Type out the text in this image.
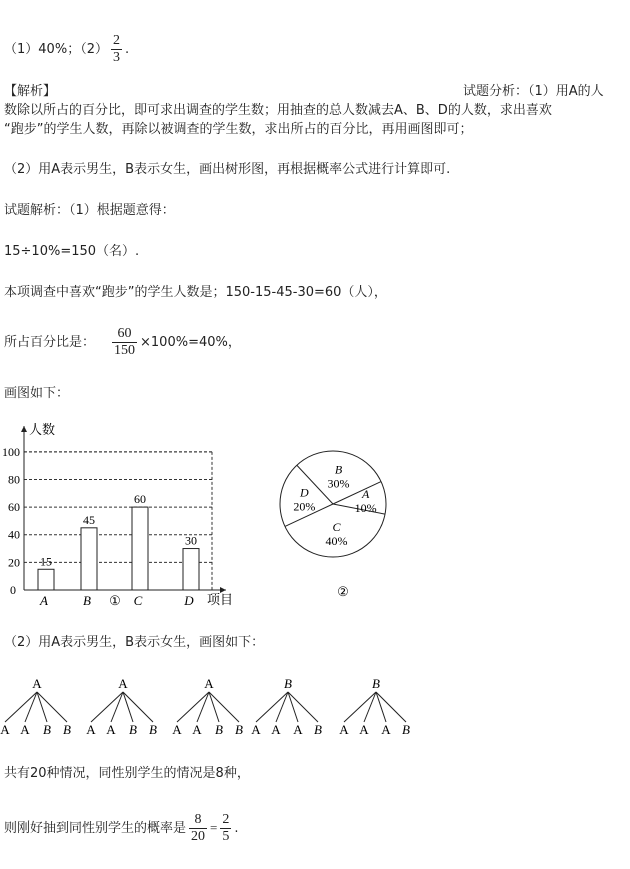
（1）40%；$(2) \frac{2}{3}$ .
【解析】	试题分析：（1）用A的人
数除以所占的百分比，即可求出调查的学生数；用抽查的总人数减去A、B、D的人数，求出喜欢
“跑步”的学生人数，再除以被调查的学生数，求出所占的百分比，再用画图即可；
（2）用A表示男生，B表示女生，画出树形图，再根据概率公式进行计算即可.
试题解析：（1）根据题意得：
15÷10%=150（名）.
本项调查中喜欢“跑步”的学生人数是；150-15-45-30=60（人），
所占百分比是： $\frac{60}{150} \times 100\%=40\%$，
画图如下：
20
40
60
80
100
人数
项目
0
15
A
45
B
60
C
30
D
①
A
10%
B
30%
D
20%
C
40%
②
（2）用A表示男生，B表示女生，画图如下：
A
A A B B
A
A A B B
A
A A B B
B
A A A B
B
A A A B
共有20种情况，同性别学生的情况是8种，
则刚好抽到同性别学生的概率是 $\frac{8}{20} = \frac{2}{5}$ .
